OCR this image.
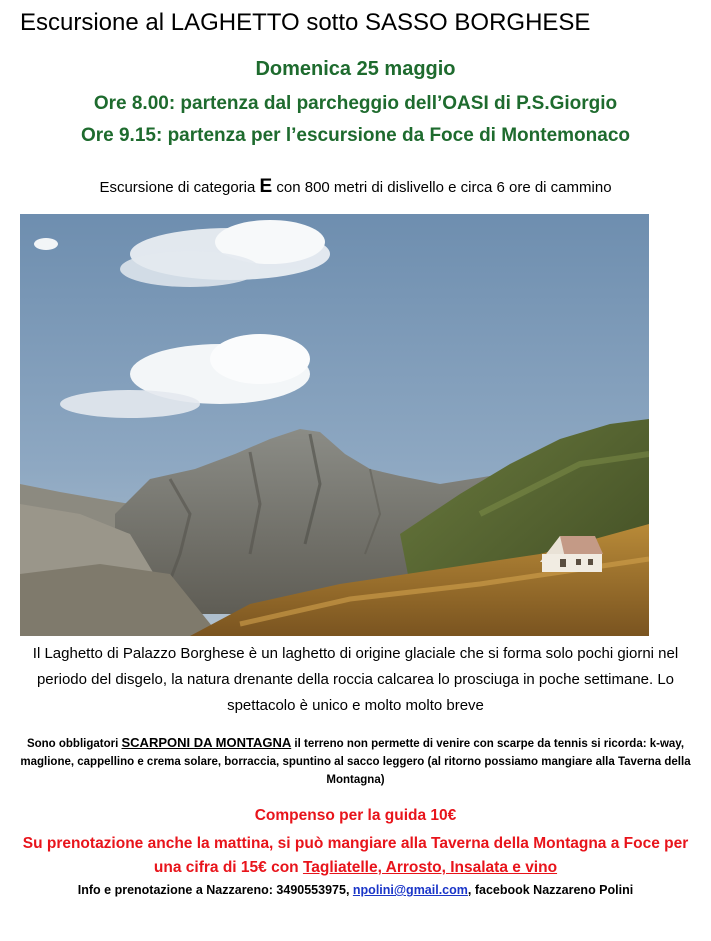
Escursione al LAGHETTO sotto SASSO BORGHESE
Domenica 25 maggio
Ore 8.00: partenza dal parcheggio dell’OASI di P.S.Giorgio
Ore 9.15: partenza per l’escursione da Foce di Montemonaco
Escursione di categoria E con 800 metri di dislivello e circa 6 ore di cammino
Il Laghetto di Palazzo Borghese è un laghetto di origine glaciale che si forma solo pochi giorni nel periodo del disgelo, la natura drenante della roccia calcarea lo prosciuga in poche settimane. Lo spettacolo è unico e molto molto breve
Sono obbligatori SCARPONI DA MONTAGNA il terreno non permette di venire con scarpe da tennis si ricorda: k-way, maglione, cappellino e crema solare, borraccia, spuntino al sacco leggero (al ritorno possiamo mangiare alla Taverna della Montagna)
Compenso per la guida 10€
Su prenotazione anche la mattina, si può mangiare alla Taverna della Montagna a Foce per una cifra di 15€ con Tagliatelle, Arrosto, Insalata e vino
Info e prenotazione a Nazzareno: 3490553975, npolini@gmail.com, facebook Nazzareno Polini
